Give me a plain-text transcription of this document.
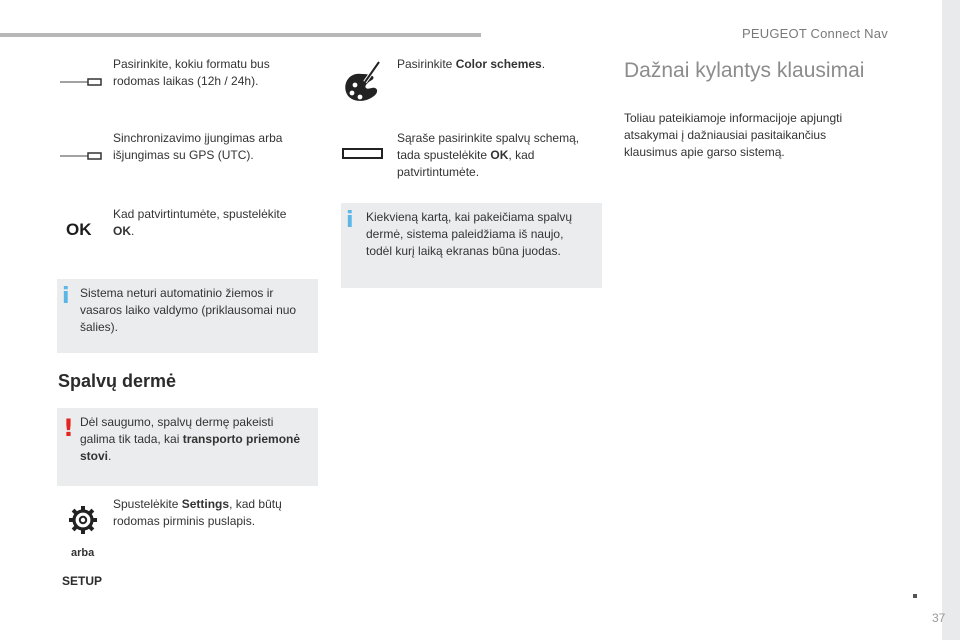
PEUGEOT Connect Nav
Pasirinkite, kokiu formatu bus rodomas laikas (12h / 24h).
Sinchronizavimo įjungimas arba išjungimas su GPS (UTC).
OK
Kad patvirtintumėte, spustelėkite OK.
i Sistema neturi automatinio žiemos ir vasaros laiko valdymo (priklausomai nuo šalies).
Spalvų dermė
! Dėl saugumo, spalvų dermę pakeisti galima tik tada, kai transporto priemonė stovi.
Spustelėkite Settings, kad būtų rodomas pirminis puslapis.
arba
SETUP
Pasirinkite Color schemes.
Sąraše pasirinkite spalvų schemą, tada spustelėkite OK, kad patvirtintumėte.
i Kiekvieną kartą, kai pakeičiama spalvų dermė, sistema paleidžiama iš naujo, todėl kurį laiką ekranas būna juodas.
Dažnai kylantys klausimai
Toliau pateikiamoje informacijoje apjungti atsakymai į dažniausiai pasitaikančius klausimus apie garso sistemą.
37
